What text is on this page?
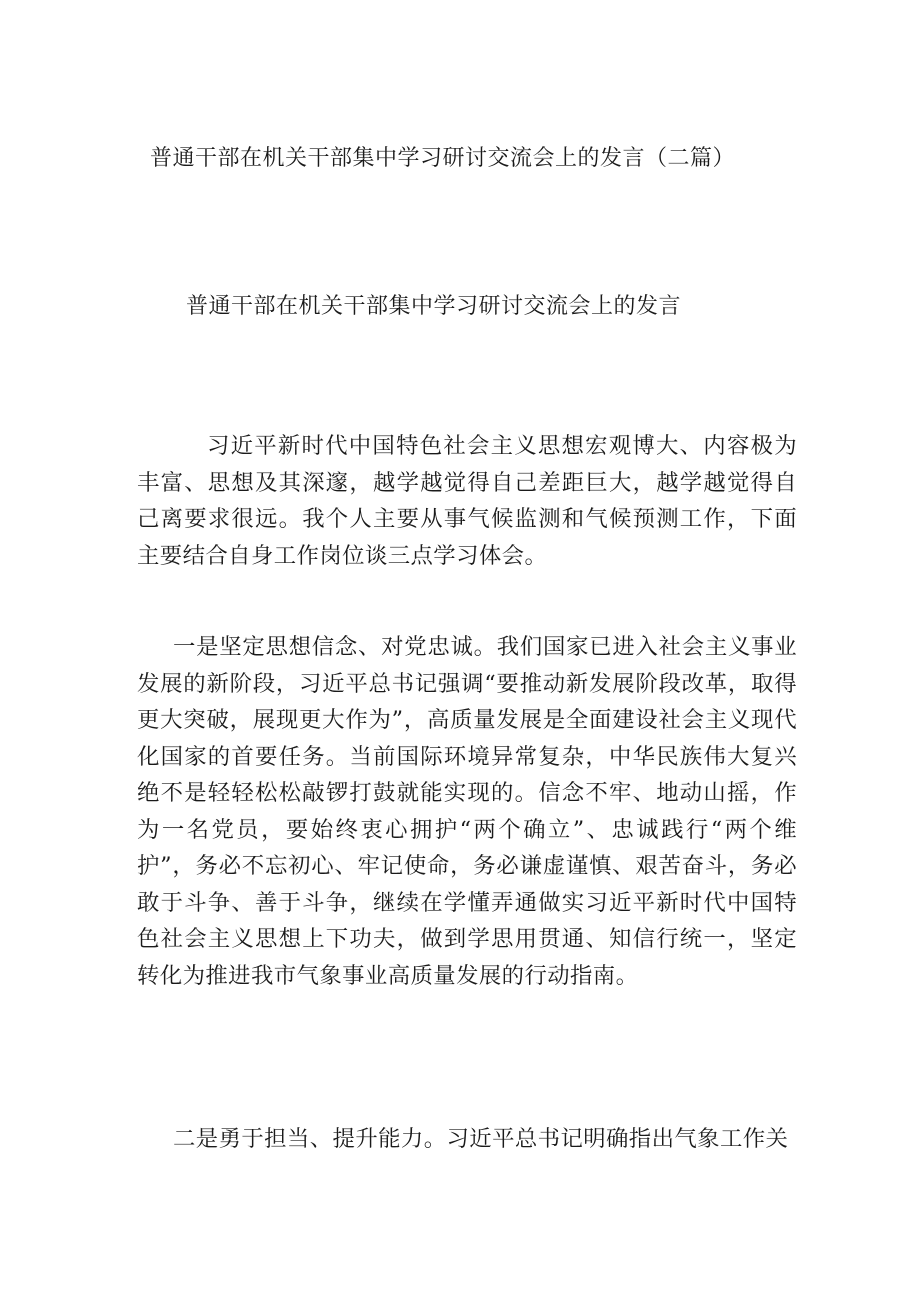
普通干部在机关干部集中学习研讨交流会上的发言（二篇）
普通干部在机关干部集中学习研讨交流会上的发言
习近平新时代中国特色社会主义思想宏观博大、内容极为丰富、思想及其深邃，越学越觉得自己差距巨大，越学越觉得自己离要求很远。我个人主要从事气候监测和气候预测工作，下面主要结合自身工作岗位谈三点学习体会。
一是坚定思想信念、对党忠诚。我们国家已进入社会主义事业发展的新阶段，习近平总书记强调“要推动新发展阶段改革，取得更大突破，展现更大作为”，高质量发展是全面建设社会主义现代化国家的首要任务。当前国际环境异常复杂，中华民族伟大复兴绝不是轻轻松松敲锣打鼓就能实现的。信念不牢、地动山摇，作为一名党员，要始终衷心拥护“两个确立”、忠诚践行“两个维护”，务必不忘初心、牢记使命，务必谦虚谨慎、艰苦奋斗，务必敢于斗争、善于斗争，继续在学懂弄通做实习近平新时代中国特色社会主义思想上下功夫，做到学思用贯通、知信行统一，坚定转化为推进我市气象事业高质量发展的行动指南。
二是勇于担当、提升能力。习近平总书记明确指出气象工作关
